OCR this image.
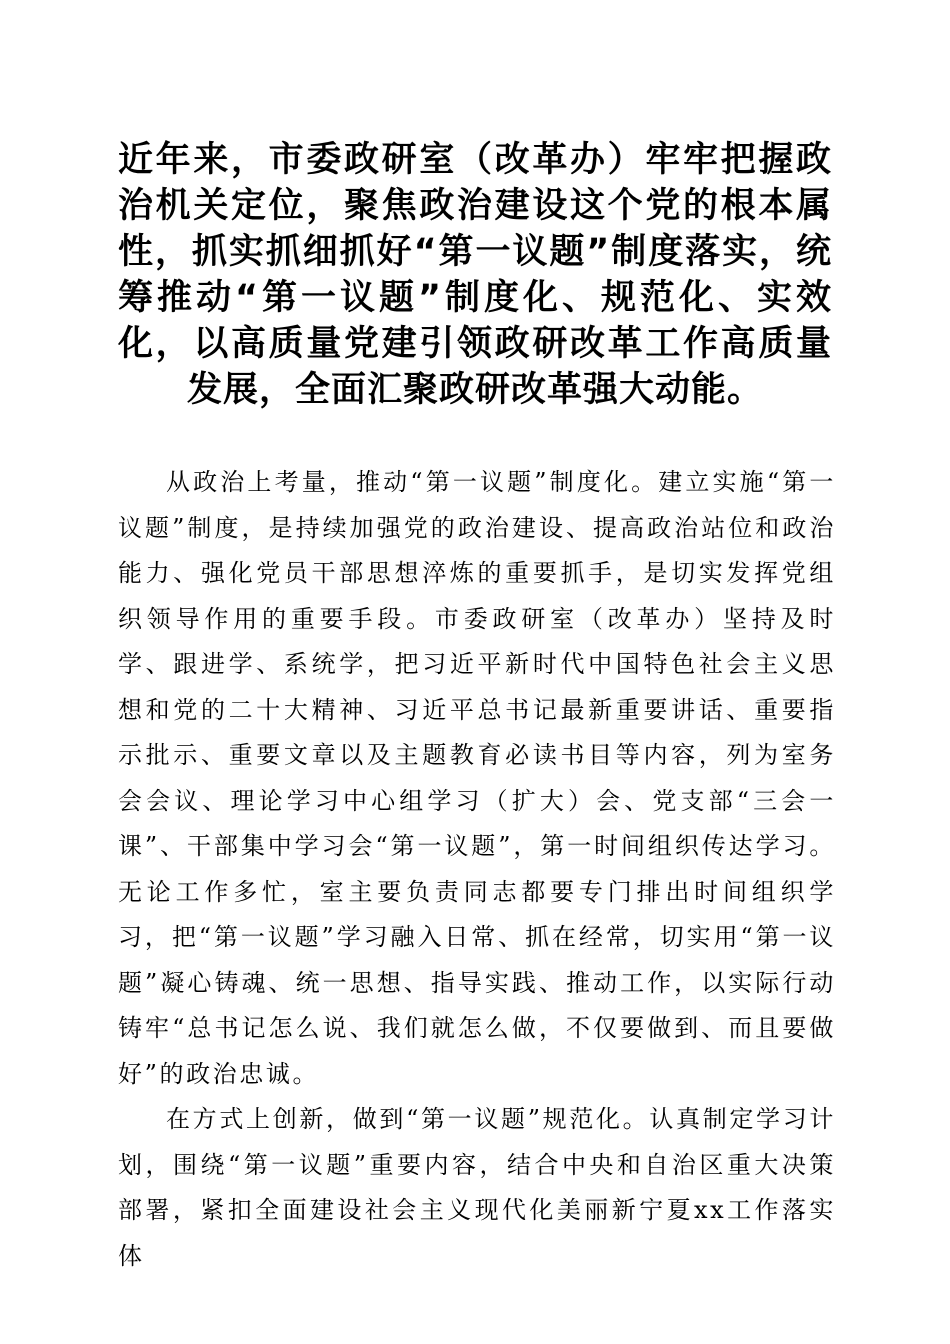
近年来，市委政研室（改革办）牢牢把握政治机关定位，聚焦政治建设这个党的根本属性，抓实抓细抓好“第一议题”制度落实，统筹推动“第一议题”制度化、规范化、实效化，以高质量党建引领政研改革工作高质量发展，全面汇聚政研改革强大动能。

从政治上考量，推动“第一议题”制度化。建立实施“第一议题”制度，是持续加强党的政治建设、提高政治站位和政治能力、强化党员干部思想淬炼的重要抓手，是切实发挥党组织领导作用的重要手段。市委政研室（改革办）坚持及时学、跟进学、系统学，把习近平新时代中国特色社会主义思想和党的二十大精神、习近平总书记最新重要讲话、重要指示批示、重要文章以及主题教育必读书目等内容，列为室务会会议、理论学习中心组学习（扩大）会、党支部“三会一课”、干部集中学习会“第一议题”，第一时间组织传达学习。无论工作多忙，室主要负责同志都要专门排出时间组织学习，把“第一议题”学习融入日常、抓在经常，切实用“第一议题”凝心铸魂、统一思想、指导实践、推动工作，以实际行动铸牢“总书记怎么说、我们就怎么做，不仅要做到、而且要做好”的政治忠诚。

在方式上创新，做到“第一议题”规范化。认真制定学习计划，围绕“第一议题”重要内容，结合中央和自治区重大决策部署，紧扣全面建设社会主义现代化美丽新宁夏xx工作落实体
